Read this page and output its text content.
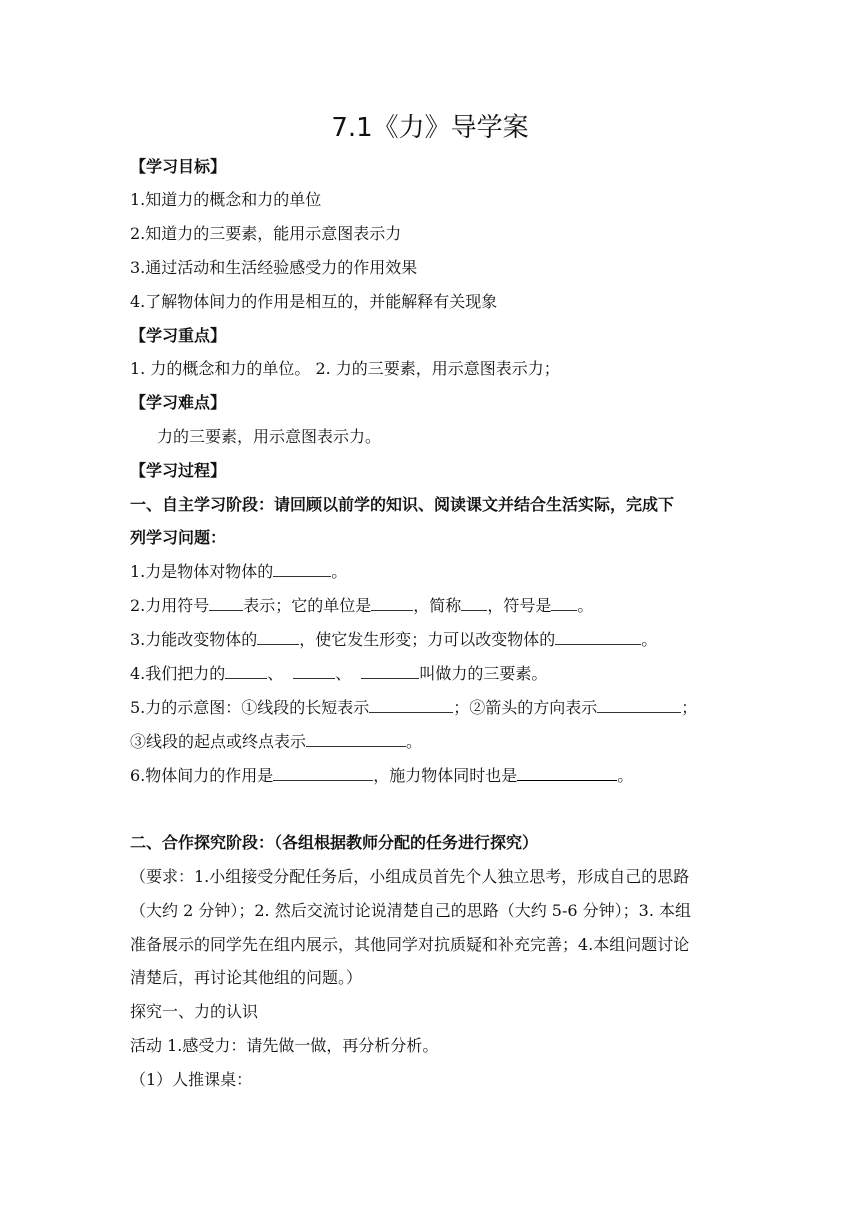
7.1《力》导学案
【学习目标】
1.知道力的概念和力的单位
2.知道力的三要素，能用示意图表示力
3.通过活动和生活经验感受力的作用效果
4.了解物体间力的作用是相互的，并能解释有关现象
【学习重点】
1. 力的概念和力的单位。 2. 力的三要素，用示意图表示力；
【学习难点】
力的三要素，用示意图表示力。
【学习过程】
一、自主学习阶段：请回顾以前学的知识、阅读课文并结合生活实际，完成下
列学习问题：
1.力是物体对物体的	。
2.力用符号 表示；它的单位是	，简称 ，符号是 。
3.力能改变物体的	，使它发生形变；力可以改变物体的	。
4.我们把力的	、	、	叫做力的三要素。
5.力的示意图：①线段的长短表示	；②箭头的方向表示	；
③线段的起点或终点表示	。
6.物体间力的作用是	，施力物体同时也是	。
二、合作探究阶段：（各组根据教师分配的任务进行探究）
（要求：1.小组接受分配任务后，小组成员首先个人独立思考，形成自己的思路
（大约 2 分钟）；2. 然后交流讨论说清楚自己的思路（大约 5-6 分钟）；3. 本组
准备展示的同学先在组内展示，其他同学对抗质疑和补充完善；4.本组问题讨论
清楚后，再讨论其他组的问题。）
探究一、力的认识
活动 1.感受力：请先做一做，再分析分析。
（1）人推课桌：
